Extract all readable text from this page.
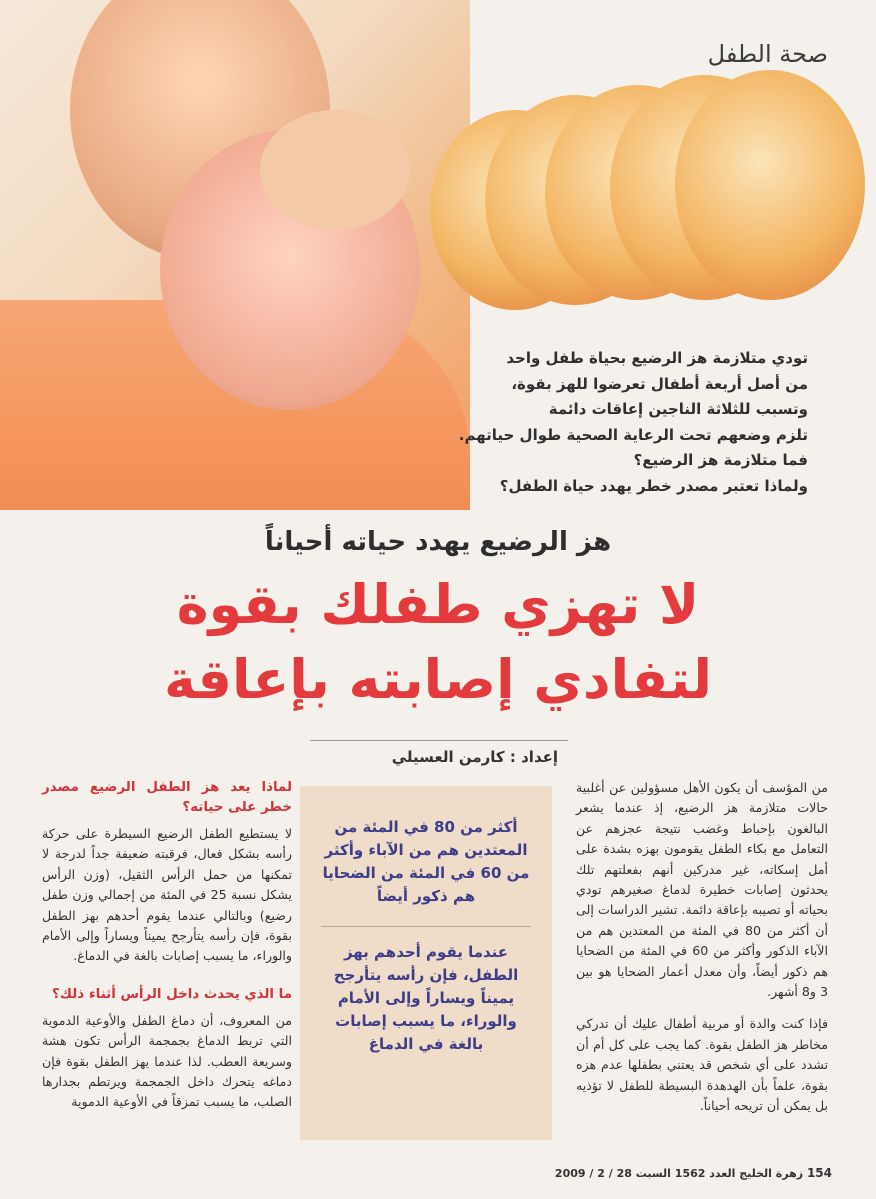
صحة الطفل
تودي متلازمة هز الرضيع بحياة طفل واحد
من أصل أربعة أطفال تعرضوا للهز بقوة،
وتسبب للثلاثة الناجين إعاقات دائمة
تلزم وضعهم تحت الرعاية الصحية طوال حياتهم.
فما متلازمة هز الرضيع؟
ولماذا تعتبر مصدر خطر يهدد حياة الطفل؟
هز الرضيع يهدد حياته أحياناً
لا تهزي طفلك بقوة
لتفادي إصابته بإعاقة
إعداد : كارمن العسيلي

من المؤسف أن يكون الأهل مسؤولين عن أغلبية حالات متلازمة هز الرضيع، إذ عندما يشعر البالغون بإحباط وغضب نتيجة عجزهم عن التعامل مع بكاء الطفل يقومون بهزه بشدة على أمل إسكاته، غير مدركين أنهم بفعلتهم تلك يحدثون إصابات خطيرة لدماغ صغيرهم تودي بحياته أو تصيبه بإعاقة دائمة. تشير الدراسات إلى أن أكثر من 80 في المئة من المعتدين هم من الآباء الذكور وأكثر من 60 في المئة من الضحايا هم ذكور أيضاً، وأن معدل أعمار الضحايا هو بين 3 و8 أشهر.

فإذا كنت والدة أو مربية أطفال عليك أن تدركي مخاطر هز الطفل بقوة. كما يجب على كل أم أن تشدد على أي شخص قد يعتني بطفلها عدم هزه بقوة، علماً بأن الهدهدة البسيطة للطفل لا تؤذيه بل يمكن أن تريحه أحياناً.

أكثر من 80 في المئة من المعتدين هم من الآباء وأكثر من 60 في المئة من الضحايا هم ذكور أيضاً
عندما يقوم أحدهم بهز الطفل، فإن رأسه يتأرجح يميناً ويساراً وإلى الأمام والوراء، ما يسبب إصابات بالغة في الدماغ
لماذا يعد هز الطفل الرضيع مصدر خطر على حياته؟

لا يستطيع الطفل الرضيع السيطرة على حركة رأسه بشكل فعال، فرقبته ضعيفة جداً لدرجة لا تمكنها من حمل الرأس الثقيل، (وزن الرأس يشكل نسبة 25 في المئة من إجمالي وزن طفل رضيع) وبالتالي عندما يقوم أحدهم بهز الطفل بقوة، فإن رأسه يتأرجح يميناً ويساراً وإلى الأمام والوراء، ما يسبب إصابات بالغة في الدماغ.

ما الذي يحدث داخل الرأس أثناء ذلك؟

من المعروف، أن دماغ الطفل والأوعية الدموية التي تربط الدماغ بجمجمة الرأس تكون هشة وسريعة العطب. لذا عندما يهز الطفل بقوة فإن دماغه يتحرك داخل الجمجمة ويرتطم بجدارها الصلب، ما يسبب تمزقاً في الأوعية الدموية

154 زهرة الخليج العدد 1562 السبت 28 / 2 / 2009
